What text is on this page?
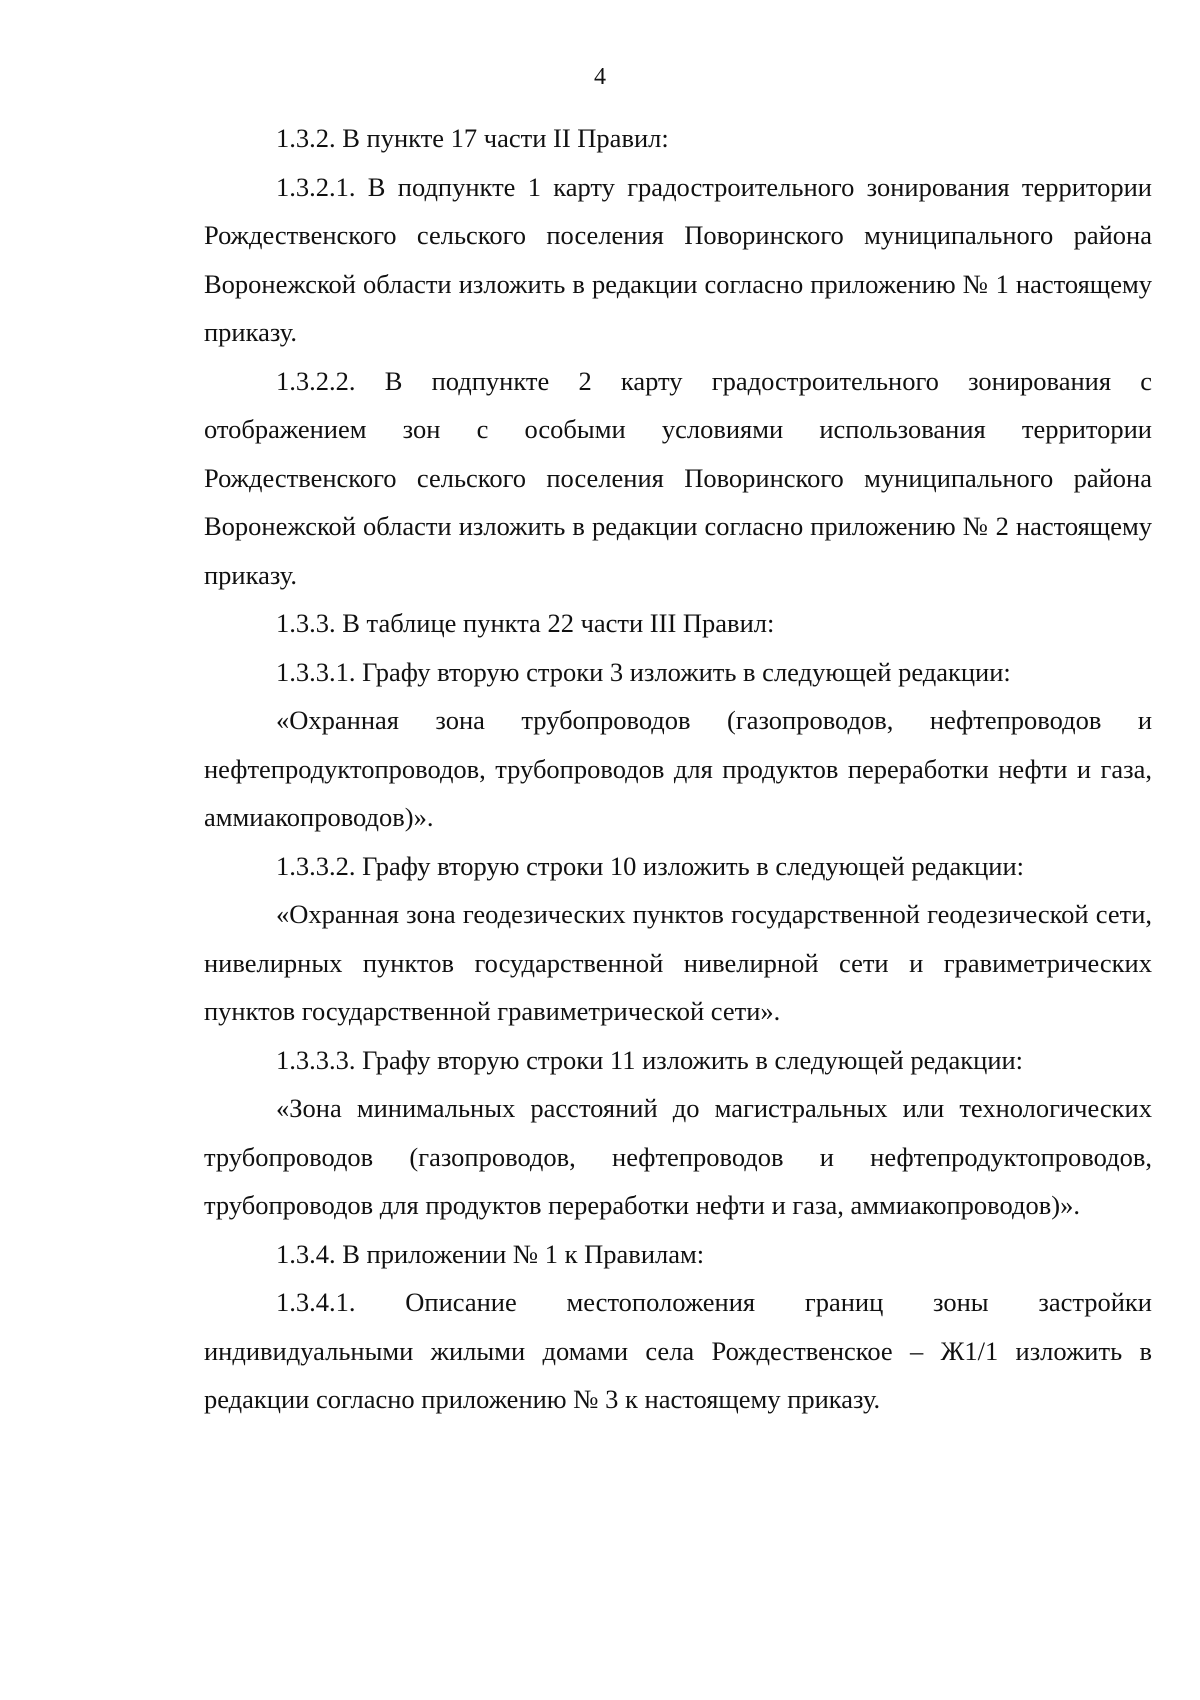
4

1.3.2. В пункте 17 части II Правил:

1.3.2.1. В подпункте 1 карту градостроительного зонирования территории Рождественского сельского поселения Поворинского муниципального района Воронежской области изложить в редакции согласно приложению № 1 настоящему приказу.

1.3.2.2. В подпункте 2 карту градостроительного зонирования с отображением зон с особыми условиями использования территории Рождественского сельского поселения Поворинского муниципального района Воронежской области изложить в редакции согласно приложению № 2 настоящему приказу.

1.3.3. В таблице пункта 22 части III Правил:

1.3.3.1. Графу вторую строки 3 изложить в следующей редакции:

«Охранная зона трубопроводов (газопроводов, нефтепроводов и нефтепродуктопроводов, трубопроводов для продуктов переработки нефти и газа, аммиакопроводов)».

1.3.3.2. Графу вторую строки 10 изложить в следующей редакции:

«Охранная зона геодезических пунктов государственной геодезической сети, нивелирных пунктов государственной нивелирной сети и гравиметрических пунктов государственной гравиметрической сети».

1.3.3.3. Графу вторую строки 11 изложить в следующей редакции:

«Зона минимальных расстояний до магистральных или технологических трубопроводов (газопроводов, нефтепроводов и нефтепродуктопроводов, трубопроводов для продуктов переработки нефти и газа, аммиакопроводов)».

1.3.4. В приложении № 1 к Правилам:

1.3.4.1. Описание местоположения границ зоны застройки индивидуальными жилыми домами села Рождественское – Ж1/1 изложить в редакции согласно приложению № 3 к настоящему приказу.
